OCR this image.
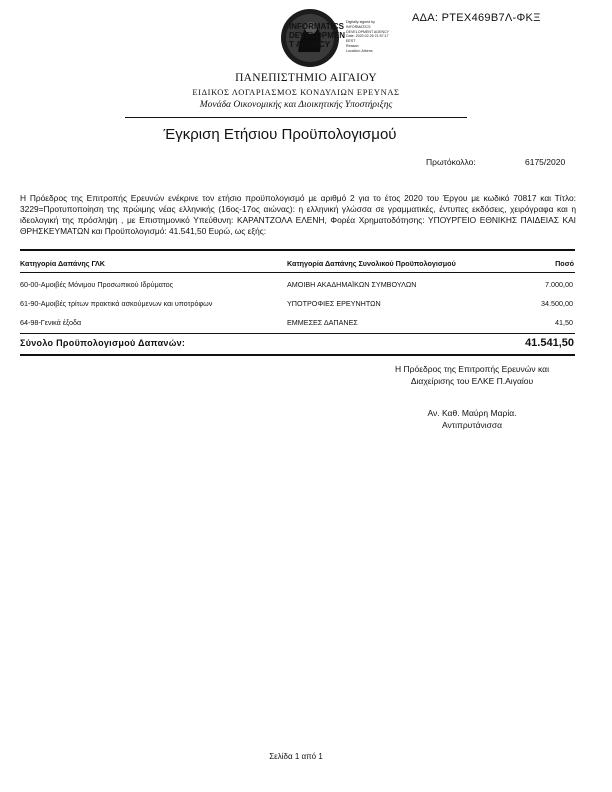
ΑΔΑ: ΡΤΕΧ469Β7Λ-ΦΚΞ
INFORMATICS
DEVELOPMEN
T AGENCY
Digitally signed by
INFORMATICS
DEVELOPMENT AGENCY
Date: 2020.02.26 21:57:17
EEST
Reason:
Location: Athens
ΠΑΝΕΠΙΣΤΗΜΙΟ ΑΙΓΑΙΟΥ
ΕΙΔΙΚΟΣ ΛΟΓΑΡΙΑΣΜΟΣ ΚΟΝΔΥΛΙΩΝ ΕΡΕΥΝΑΣ
Μονάδα Οικονομικής και Διοικητικής Υποστήριξης
Έγκριση Ετήσιου Προϋπολογισμού
Πρωτόκολλο:	6175/2020
Η Πρόεδρος της Επιτροπής Ερευνών ενέκρινε τον ετήσιο προϋπολογισμό με αριθμό 2 για το έτος 2020 του Έργου με κωδικό 70817 και Τίτλο: 3229=Προτυποποίηση της πρώιμης νέας ελληνικής (16ος-17ος αιώνας): η ελληνική γλώσσα σε γραμματικές, έντυπες εκδόσεις, χειρόγραφα και η ιδεολογική της πρόσληψη , με Επιστημονικό Υπεύθυνη: ΚΑΡΑΝΤΖΟΛΑ ΕΛΕΝΗ, Φορέα Χρηματοδότησης: ΥΠΟΥΡΓΕΙΟ ΕΘΝΙΚΗΣ ΠΑΙΔΕΙΑΣ ΚΑΙ ΘΡΗΣΚΕΥΜΑΤΩΝ και Προϋπολογισμό: 41.541,50 Ευρώ, ως εξής:
Κατηγορία Δαπάνης ΓΛΚ	Κατηγορία Δαπάνης Συνολικού Προϋπολογισμού	Ποσό
60-00-Αμοιβές Μόνιμου Προσωπικού Ιδρύματος	ΑΜΟΙΒΗ ΑΚΑΔΗΜΑΪΚΩΝ ΣΥΜΒΟΥΛΩΝ	7.000,00
61-90-Αμοιβές τρίτων πρακτικά ασκούμενων και υποτρόφων	ΥΠΟΤΡΟΦΙΕΣ ΕΡΕΥΝΗΤΩΝ	34.500,00
64-98-Γενικά έξοδα	ΕΜΜΕΣΕΣ ΔΑΠΑΝΕΣ	41,50
Σύνολο Προϋπολογισμού Δαπανών:	41.541,50
Η Πρόεδρος της Επιτροπής Ερευνών και
Διαχείρισης του ΕΛΚΕ Π.Αιγαίου
Αν. Καθ. Μαύρη Μαρία.
Αντιπρυτάνισσα
Σελίδα 1 από 1
